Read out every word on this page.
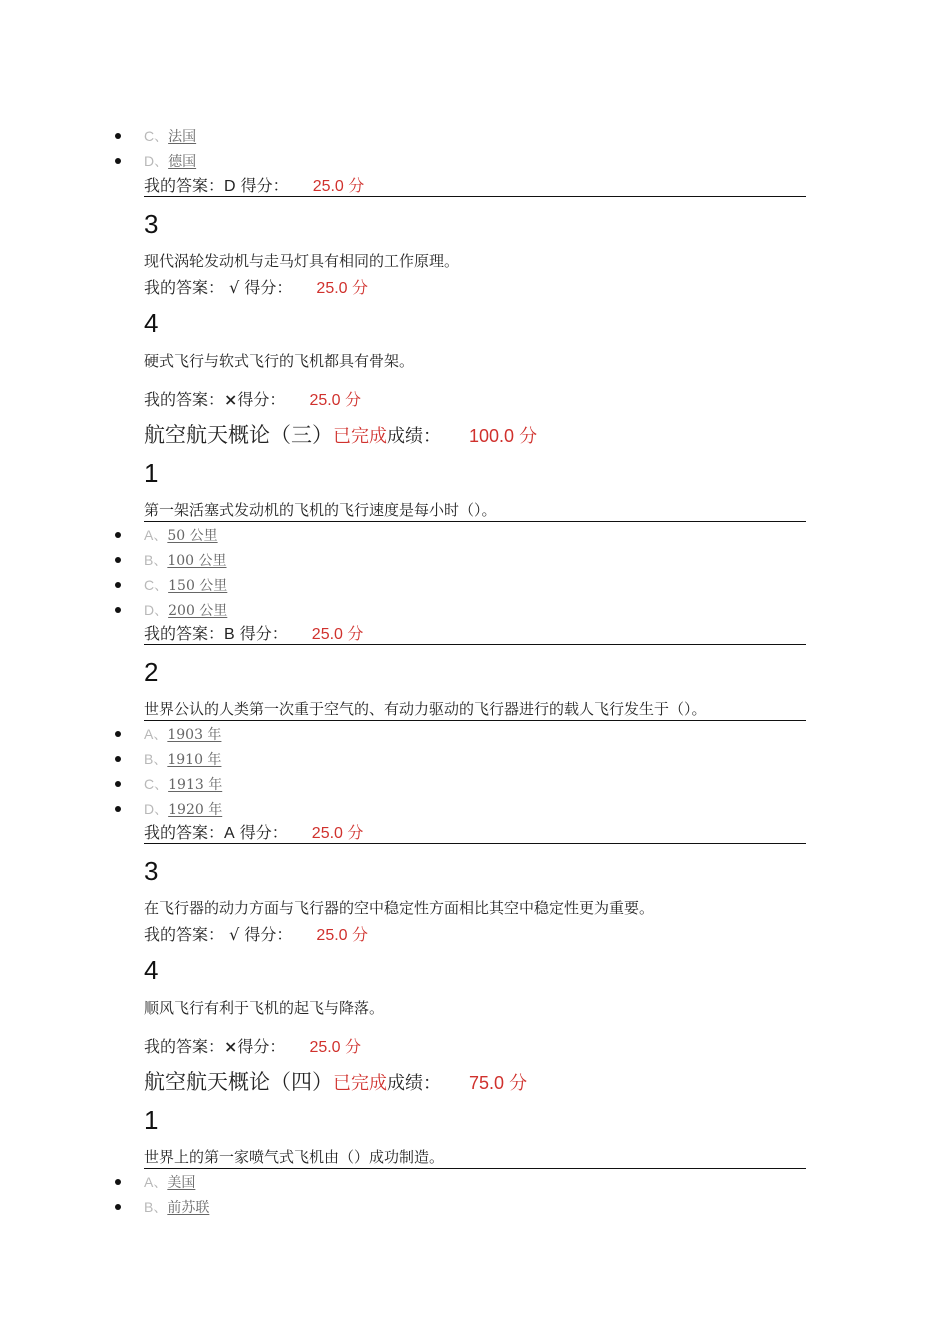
C、法国
D、德国
我的答案：D 得分： 25.0 分
3
现代涡轮发动机与走马灯具有相同的工作原理。
我的答案： √ 得分： 25.0 分
4
硬式飞行与软式飞行的飞机都具有骨架。
我的答案：×得分： 25.0 分
航空航天概论（三）已完成成绩： 100.0 分
1
第一架活塞式发动机的飞机的飞行速度是每小时（）。
A、50 公里
B、100 公里
C、150 公里
D、200 公里
我的答案：B 得分： 25.0 分
2
世界公认的人类第一次重于空气的、有动力驱动的飞行器进行的载人飞行发生于（）。
A、1903 年
B、1910 年
C、1913 年
D、1920 年
我的答案：A 得分： 25.0 分
3
在飞行器的动力方面与飞行器的空中稳定性方面相比其空中稳定性更为重要。
我的答案： √ 得分： 25.0 分
4
顺风飞行有利于飞机的起飞与降落。
我的答案：×得分： 25.0 分
航空航天概论（四）已完成成绩： 75.0 分
1
世界上的第一家喷气式飞机由（）成功制造。
A、美国
B、前苏联
